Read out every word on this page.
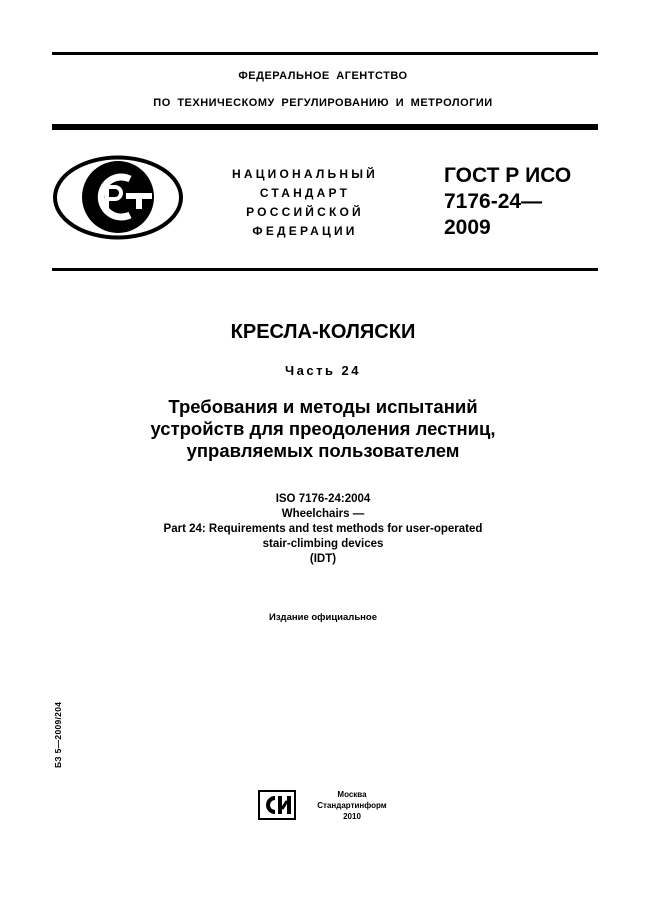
ФЕДЕРАЛЬНОЕ АГЕНТСТВО
ПО ТЕХНИЧЕСКОМУ РЕГУЛИРОВАНИЮ И МЕТРОЛОГИИ
НАЦИОНАЛЬНЫЙ
СТАНДАРТ
РОССИЙСКОЙ
ФЕДЕРАЦИИ
ГОСТ Р ИСО
7176-24—
2009
КРЕСЛА-КОЛЯСКИ
Часть 24
Требования и методы испытаний
устройств для преодоления лестниц,
управляемых пользователем
ISO 7176-24:2004
Wheelchairs —
Part 24: Requirements and test methods for user-operated
stair-climbing devices
(IDT)
Издание официальное
БЗ 5—2009/204
Москва
Стандартинформ
2010
